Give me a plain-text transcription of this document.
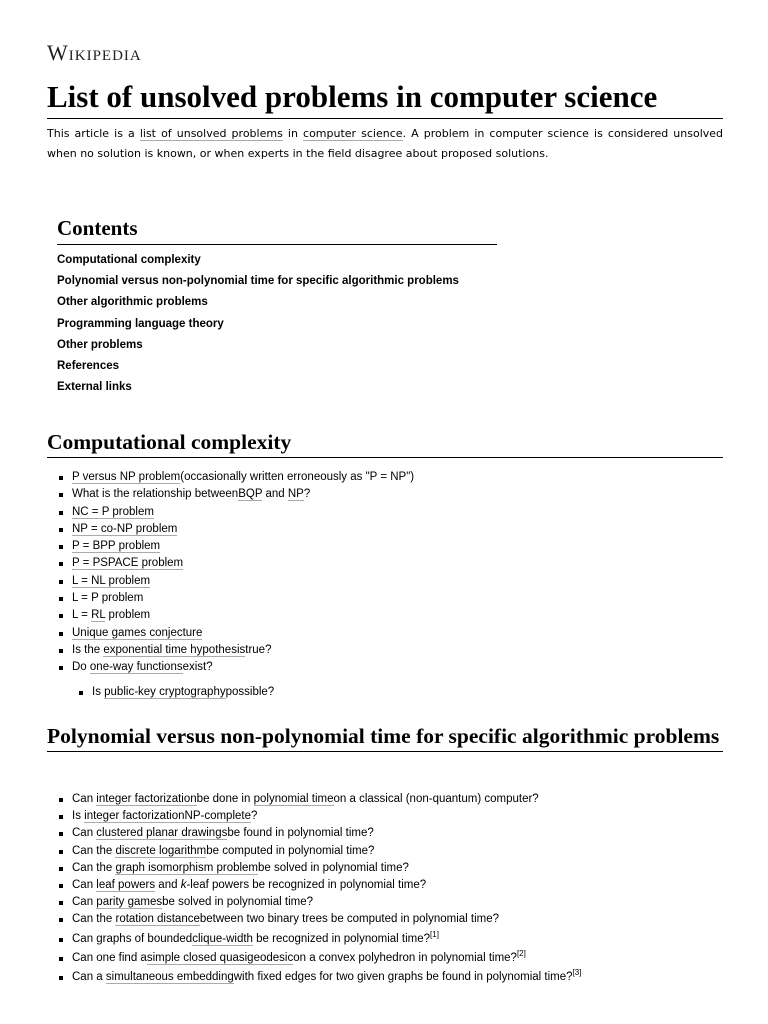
Wikipedia
List of unsolved problems in computer science
This article is a list of unsolved problems in computer science. A problem in computer science is considered unsolved when no solution is known, or when experts in the field disagree about proposed solutions.
Contents
Computational complexity
Polynomial versus non-polynomial time for specific algorithmic problems
Other algorithmic problems
Programming language theory
Other problems
References
External links
Computational complexity
P versus NP problem(occasionally written erroneously as "P = NP")
What is the relationship betweenBQP and NP?
NC = P problem
NP = co-NP problem
P = BPP problem
P = PSPACE problem
L = NL problem
L = P problem
L = RL problem
Unique games conjecture
Is the exponential time hypothesistrue?
Do one-way functionsexist?
Is public-key cryptographypossible?
Polynomial versus non-polynomial time for specific algorithmic problems
Can integer factorizationbe done in polynomial timeon a classical (non-quantum) computer?
Is integer factorizationNP-complete?
Can clustered planar drawingsbe found in polynomial time?
Can the discrete logarithmbe computed in polynomial time?
Can the graph isomorphism problembe solved in polynomial time?
Can leaf powers and k-leaf powers be recognized in polynomial time?
Can parity gamesbe solved in polynomial time?
Can the rotation distancebetween two binary trees be computed in polynomial time?
Can graphs of boundedclique-width be recognized in polynomial time?[1]
Can one find asimple closed quasigeodesicon a convex polyhedron in polynomial time?[2]
Can a simultaneous embeddingwith fixed edges for two given graphs be found in polynomial time?[3]
